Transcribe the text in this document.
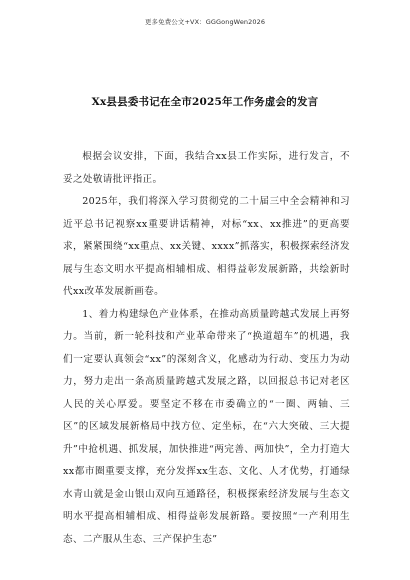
更多免费公文+VX：GGGongWen2026
Xx县县委书记在全市2025年工作务虚会的发言

根据会议安排，下面，我结合xx县工作实际，进行发言，不妥之处敬请批评指正。

2025年，我们将深入学习贯彻党的二十届三中全会精神和习近平总书记视察xx重要讲话精神，对标“xx、xx推进”的更高要求，紧紧围绕“xx重点、xx关键、xxxx”抓落实，积极探索经济发展与生态文明水平提高相辅相成、相得益彰发展新路，共绘新时代xx改革发展新画卷。

1、着力构建绿色产业体系，在推动高质量跨越式发展上再努力。当前，新一轮科技和产业革命带来了“换道超车”的机遇，我们一定要认真领会“xx”的深刻含义，化感动为行动、变压力为动力，努力走出一条高质量跨越式发展之路，以回报总书记对老区人民的关心厚爱。要坚定不移在市委确立的“一圈、两轴、三区”的区域发展新格局中找方位、定坐标，在“六大突破、三大提升”中抢机遇、抓发展，加快推进“两完善、两加快”，全力打造大xx都市圈重要支撑，充分发挥xx生态、文化、人才优势，打通绿水青山就是金山银山双向互通路径，积极探索经济发展与生态文明水平提高相辅相成、相得益彰发展新路。要按照“一产利用生态、二产服从生态、三产保护生态”
